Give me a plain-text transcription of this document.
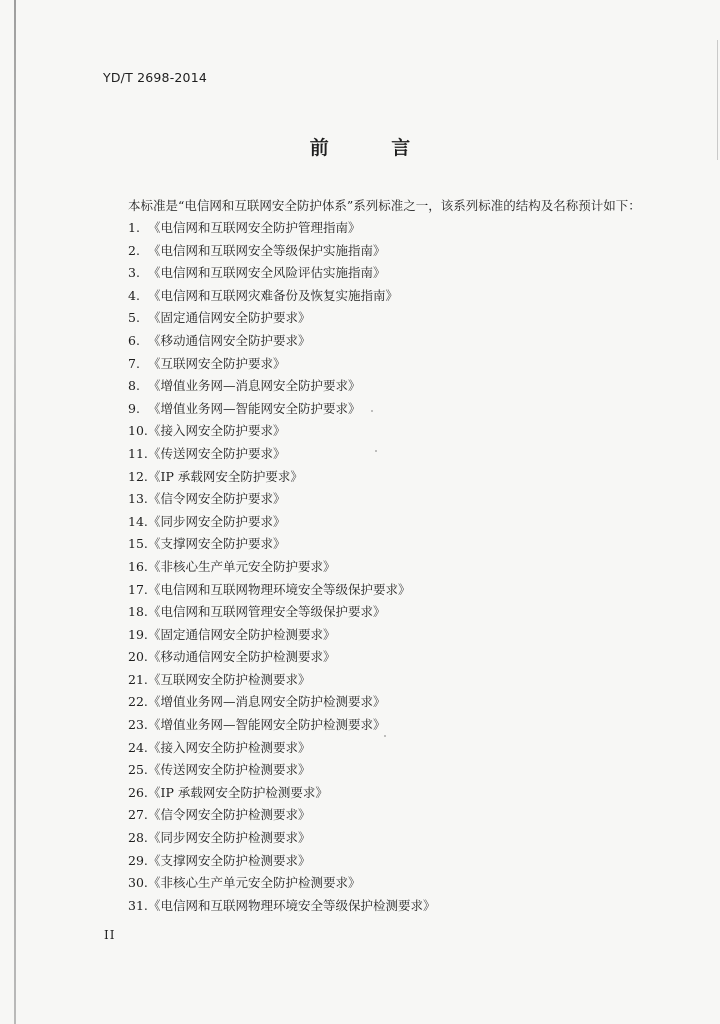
YD/T 2698-2014
前 言
本标准是“电信网和互联网安全防护体系”系列标准之一，该系列标准的结构及名称预计如下：
1. 《电信网和互联网安全防护管理指南》
2. 《电信网和互联网安全等级保护实施指南》
3. 《电信网和互联网安全风险评估实施指南》
4. 《电信网和互联网灾难备份及恢复实施指南》
5. 《固定通信网安全防护要求》
6. 《移动通信网安全防护要求》
7. 《互联网安全防护要求》
8. 《增值业务网—消息网安全防护要求》
9. 《增值业务网—智能网安全防护要求》
10. 《接入网安全防护要求》
11. 《传送网安全防护要求》
12. 《IP 承载网安全防护要求》
13. 《信令网安全防护要求》
14. 《同步网安全防护要求》
15. 《支撑网安全防护要求》
16. 《非核心生产单元安全防护要求》
17. 《电信网和互联网物理环境安全等级保护要求》
18. 《电信网和互联网管理安全等级保护要求》
19. 《固定通信网安全防护检测要求》
20. 《移动通信网安全防护检测要求》
21. 《互联网安全防护检测要求》
22. 《增值业务网—消息网安全防护检测要求》
23. 《增值业务网—智能网安全防护检测要求》
24. 《接入网安全防护检测要求》
25. 《传送网安全防护检测要求》
26. 《IP 承载网安全防护检测要求》
27. 《信令网安全防护检测要求》
28. 《同步网安全防护检测要求》
29. 《支撑网安全防护检测要求》
30. 《非核心生产单元安全防护检测要求》
31. 《电信网和互联网物理环境安全等级保护检测要求》
II
